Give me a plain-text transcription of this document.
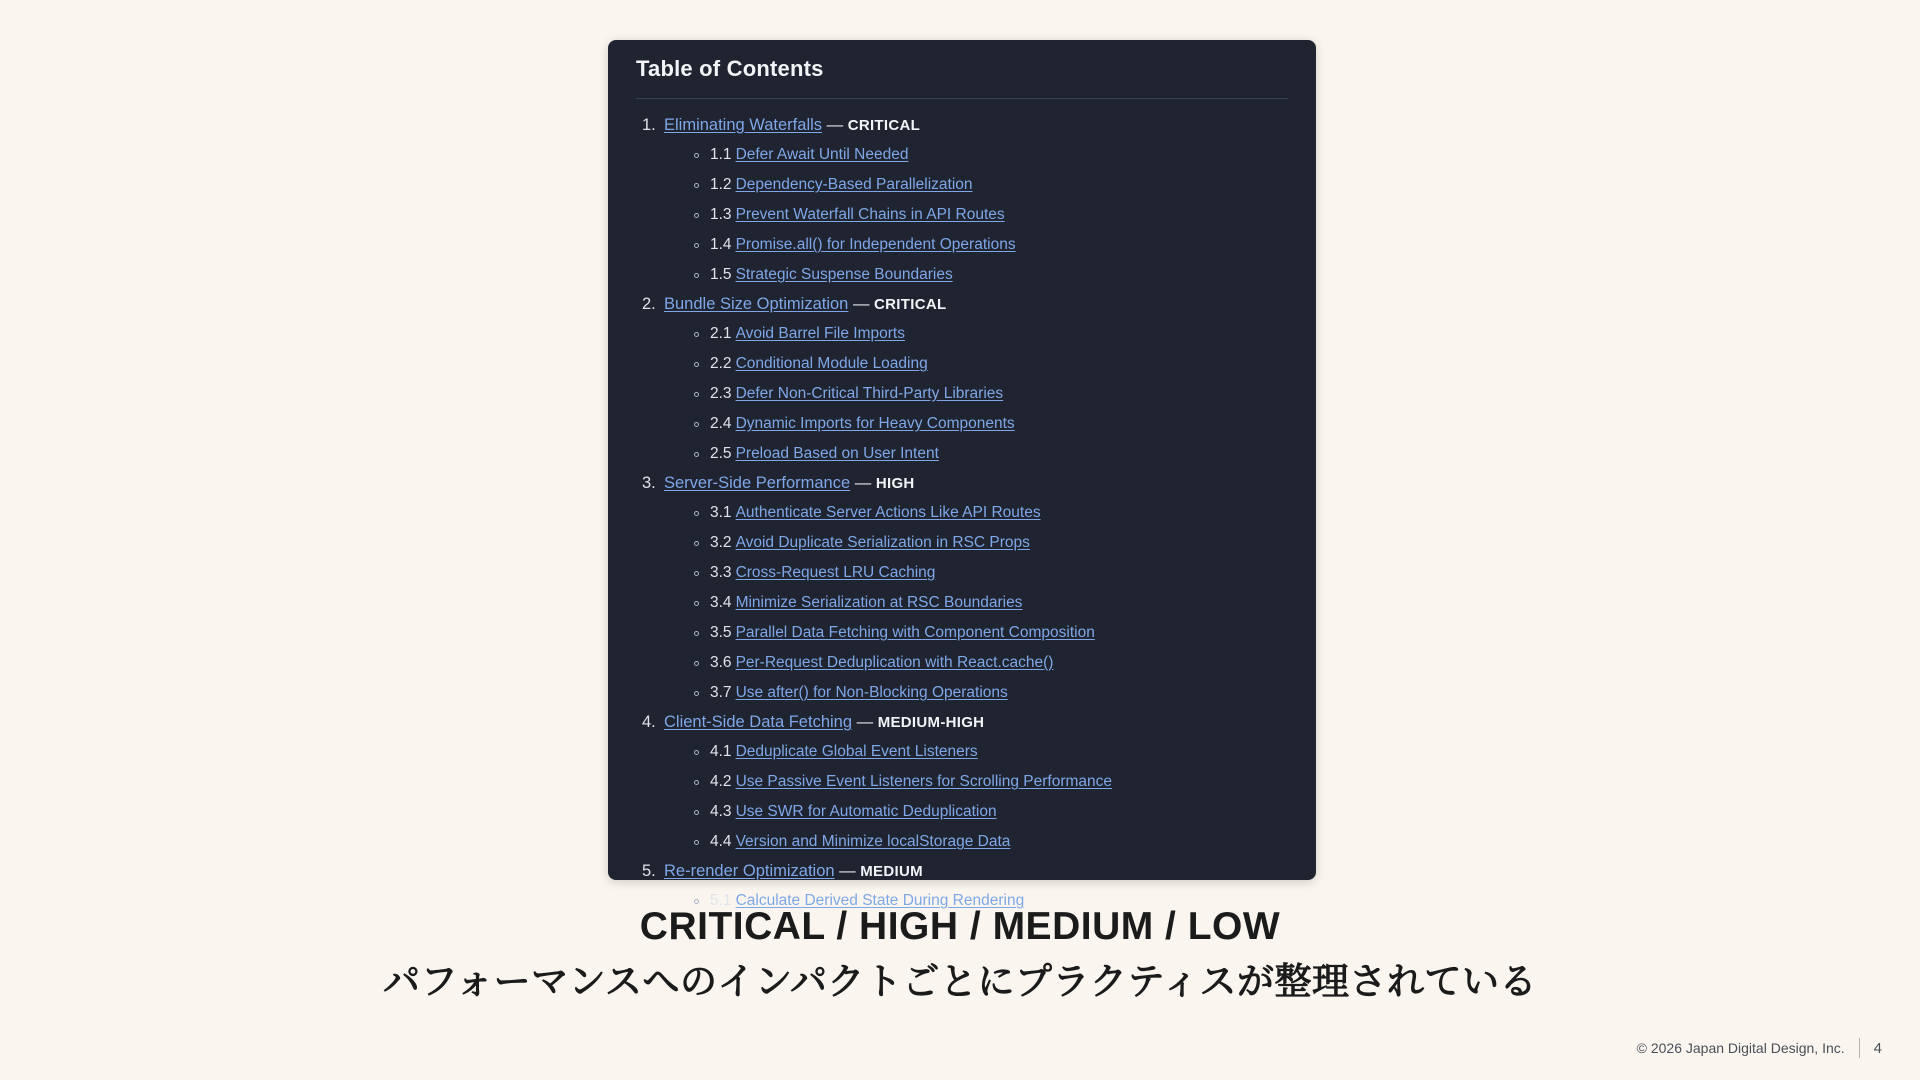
Table of Contents
1. Eliminating Waterfalls — CRITICAL
1.1 Defer Await Until Needed
1.2 Dependency-Based Parallelization
1.3 Prevent Waterfall Chains in API Routes
1.4 Promise.all() for Independent Operations
1.5 Strategic Suspense Boundaries
2. Bundle Size Optimization — CRITICAL
2.1 Avoid Barrel File Imports
2.2 Conditional Module Loading
2.3 Defer Non-Critical Third-Party Libraries
2.4 Dynamic Imports for Heavy Components
2.5 Preload Based on User Intent
3. Server-Side Performance — HIGH
3.1 Authenticate Server Actions Like API Routes
3.2 Avoid Duplicate Serialization in RSC Props
3.3 Cross-Request LRU Caching
3.4 Minimize Serialization at RSC Boundaries
3.5 Parallel Data Fetching with Component Composition
3.6 Per-Request Deduplication with React.cache()
3.7 Use after() for Non-Blocking Operations
4. Client-Side Data Fetching — MEDIUM-HIGH
4.1 Deduplicate Global Event Listeners
4.2 Use Passive Event Listeners for Scrolling Performance
4.3 Use SWR for Automatic Deduplication
4.4 Version and Minimize localStorage Data
5. Re-render Optimization — MEDIUM
5.1 Calculate Derived State During Rendering
CRITICAL / HIGH / MEDIUM / LOW
パフォーマンスへのインパクトごとにプラクティスが整理されている
© 2026 Japan Digital Design, Inc. 4
